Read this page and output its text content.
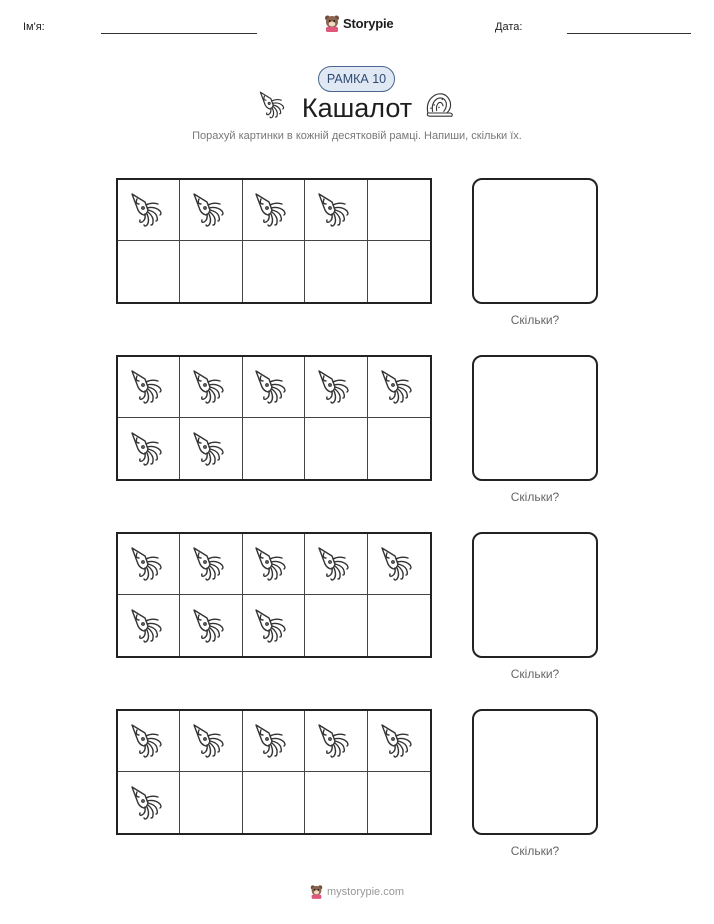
Ім'я:	Storypie	Дата:
РАМКА 10
Кашалот
Порахуй картинки в кожній десятковій рамці. Напиши, скільки їх.
Скільки?
Скільки?
Скільки?
Скільки?
mystorypie.com
